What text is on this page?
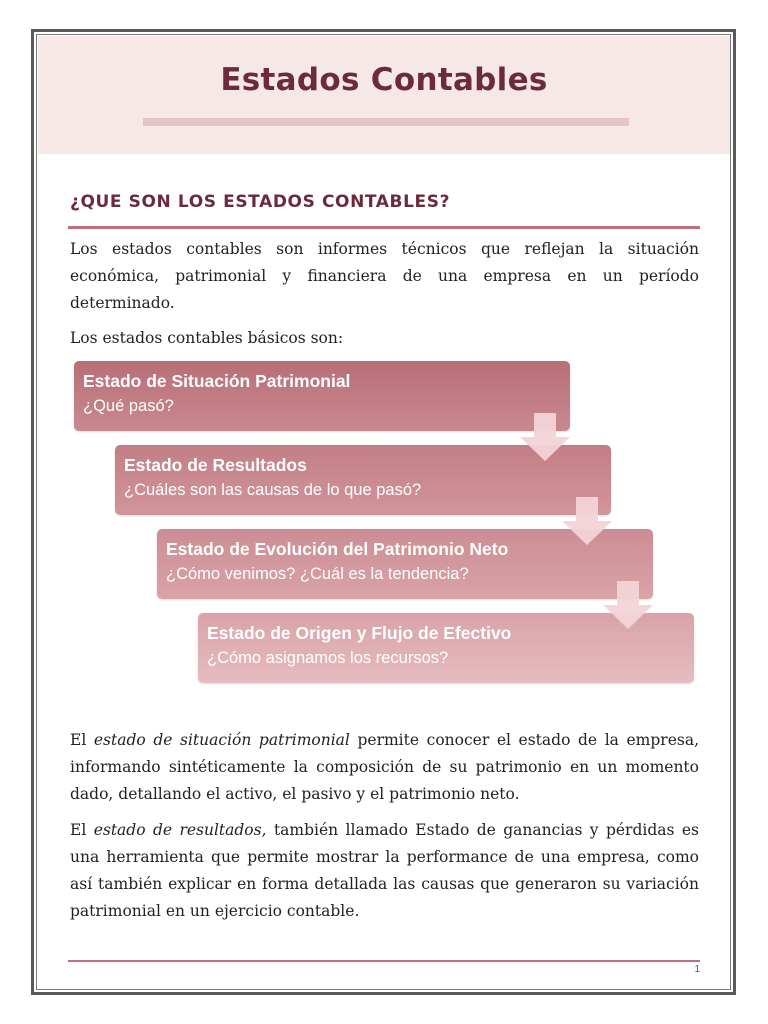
Estados Contables
¿QUE SON LOS ESTADOS CONTABLES?

Los estados contables son informes técnicos que reflejan la situación económica, patrimonial y financiera de una empresa en un período determinado.

Los estados contables básicos son:

Estado de Situación Patrimonial
¿Qué pasó?
Estado de Resultados
¿Cuáles son las causas de lo que pasó?
Estado de Evolución del Patrimonio Neto
¿Cómo venimos? ¿Cuál es la tendencia?
Estado de Origen y Flujo de Efectivo
¿Cómo asignamos los recursos?

El estado de situación patrimonial permite conocer el estado de la empresa, informando sintéticamente la composición de su patrimonio en un momento dado, detallando el activo, el pasivo y el patrimonio neto.

El estado de resultados, también llamado Estado de ganancias y pérdidas es una herramienta que permite mostrar la performance de una empresa, como así también explicar en forma detallada las causas que generaron su variación patrimonial en un ejercicio contable.

1
